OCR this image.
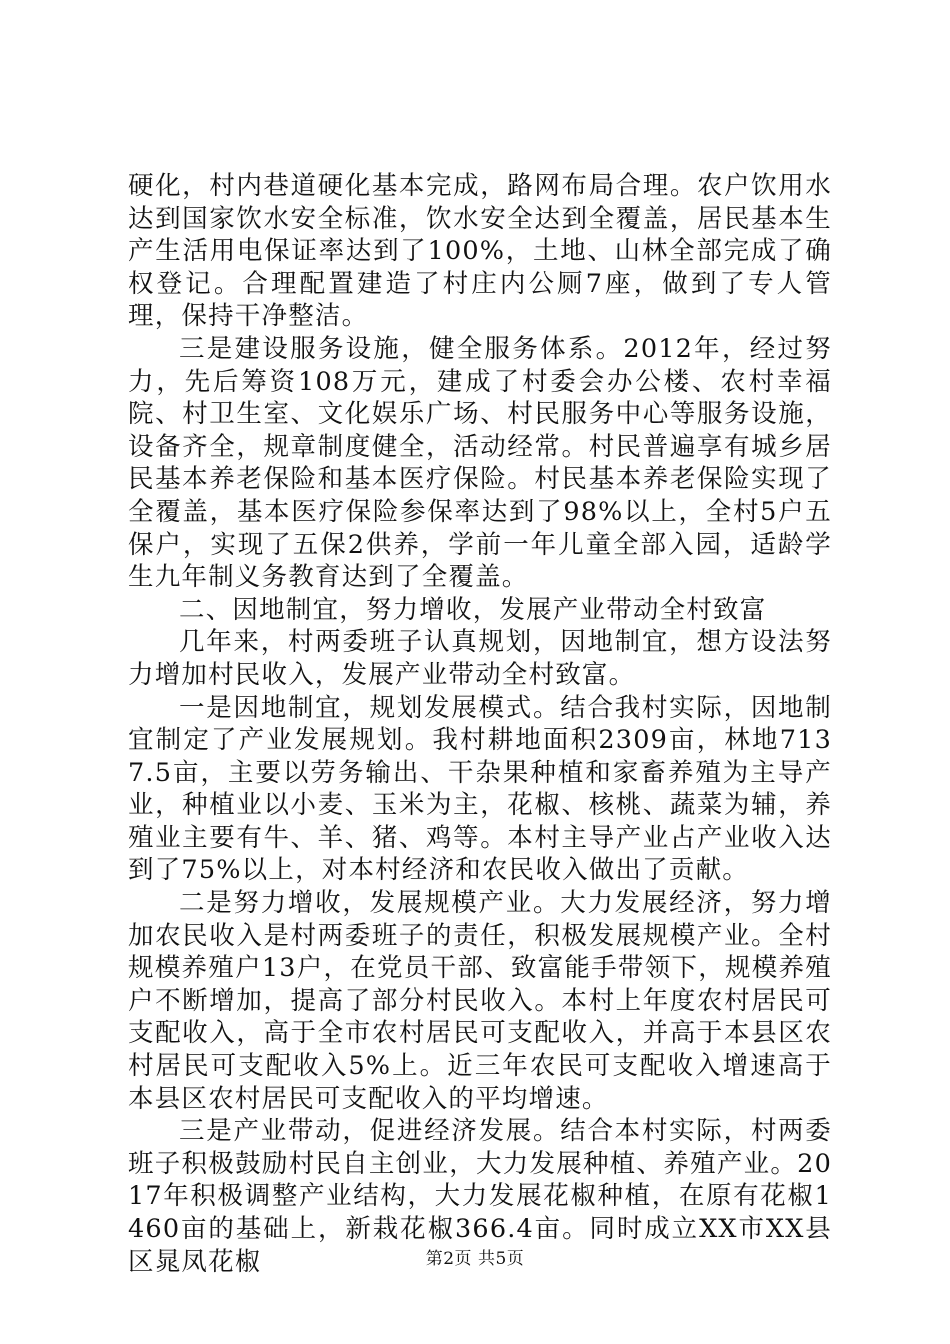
硬化，村内巷道硬化基本完成，路网布局合理。农户饮用水达到国家饮水安全标准，饮水安全达到全覆盖，居民基本生产生活用电保证率达到了100%，土地、山林全部完成了确权登记。合理配置建造了村庄内公厕7座，做到了专人管理，保持干净整洁。

三是建设服务设施，健全服务体系。2012年，经过努力，先后筹资108万元，建成了村委会办公楼、农村幸福院、村卫生室、文化娱乐广场、村民服务中心等服务设施，设备齐全，规章制度健全，活动经常。村民普遍享有城乡居民基本养老保险和基本医疗保险。村民基本养老保险实现了全覆盖，基本医疗保险参保率达到了98%以上，全村5户五保户，实现了五保2供养，学前一年儿童全部入园，适龄学生九年制义务教育达到了全覆盖。

二、因地制宜，努力增收，发展产业带动全村致富

几年来，村两委班子认真规划，因地制宜，想方设法努力增加村民收入，发展产业带动全村致富。

一是因地制宜，规划发展模式。结合我村实际，因地制宜制定了产业发展规划。我村耕地面积2309亩，林地7137.5亩，主要以劳务输出、干杂果种植和家畜养殖为主导产业，种植业以小麦、玉米为主，花椒、核桃、蔬菜为辅，养殖业主要有牛、羊、猪、鸡等。本村主导产业占产业收入达到了75%以上，对本村经济和农民收入做出了贡献。

二是努力增收，发展规模产业。大力发展经济，努力增加农民收入是村两委班子的责任，积极发展规模产业。全村规模养殖户13户，在党员干部、致富能手带领下，规模养殖户不断增加，提高了部分村民收入。本村上年度农村居民可支配收入，高于全市农村居民可支配收入，并高于本县区农村居民可支配收入5%上。近三年农民可支配收入增速高于本县区农村居民可支配收入的平均增速。

三是产业带动，促进经济发展。结合本村实际，村两委班子积极鼓励村民自主创业，大力发展种植、养殖产业。2017年积极调整产业结构，大力发展花椒种植，在原有花椒1460亩的基础上，新栽花椒366.4亩。同时成立XX市XX县区晁凤花椒	第2页 共5页
